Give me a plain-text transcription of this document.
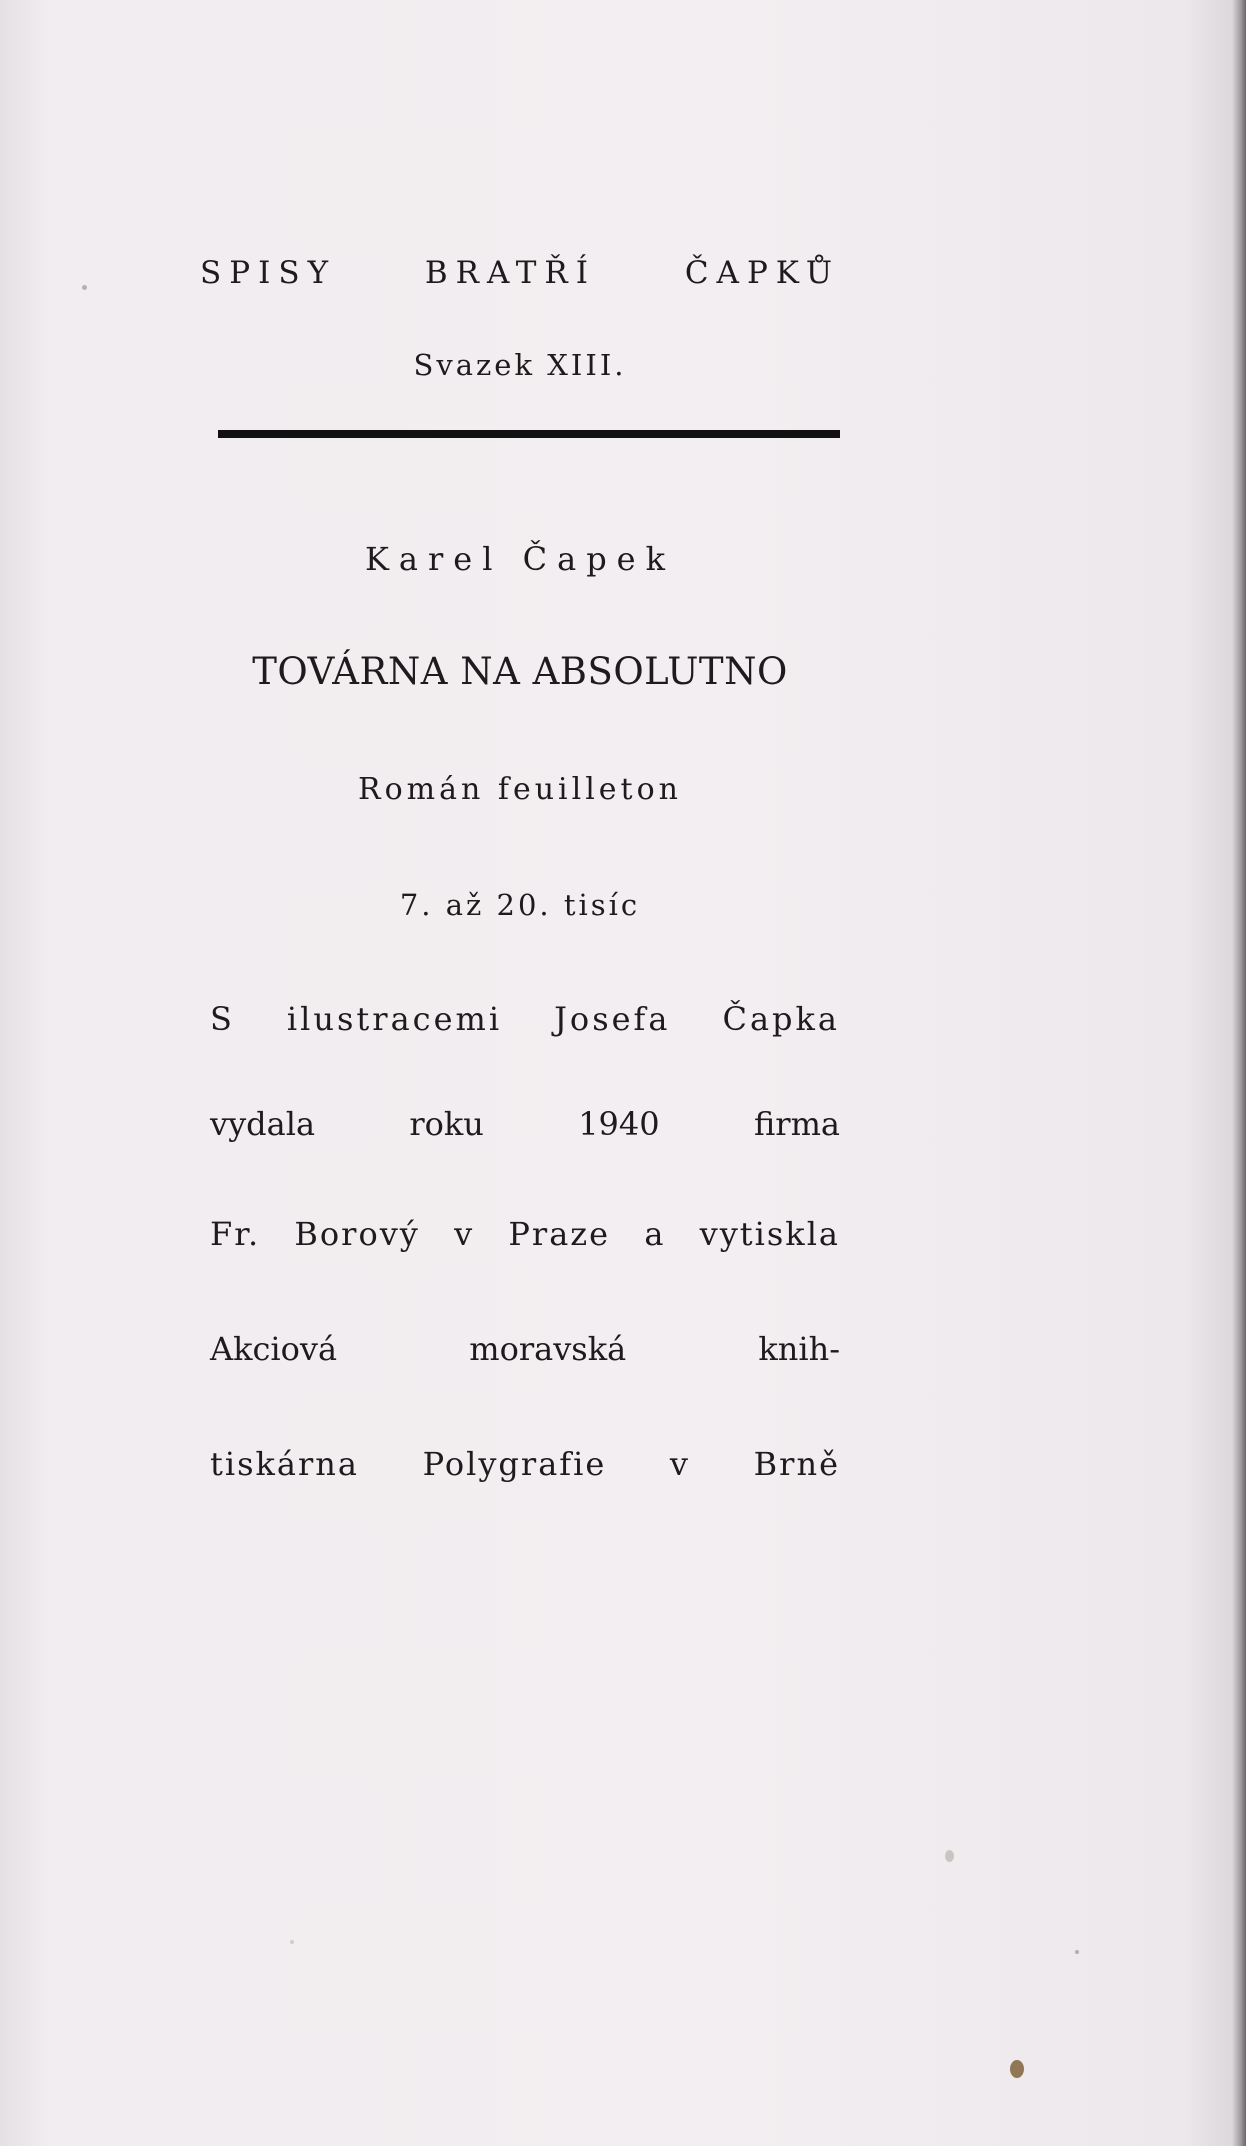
SPISY BRATŘÍ ČAPKŮ
Svazek XIII.
Karel Čapek
TOVÁRNA NA ABSOLUTNO
Román feuilleton
7. až 20. tisíc
S ilustracemi Josefa Čapka
vydala roku 1940 firma
Fr. Borový v Praze a vytiskla
Akciová moravská knih-
tiskárna Polygrafie v Brně
